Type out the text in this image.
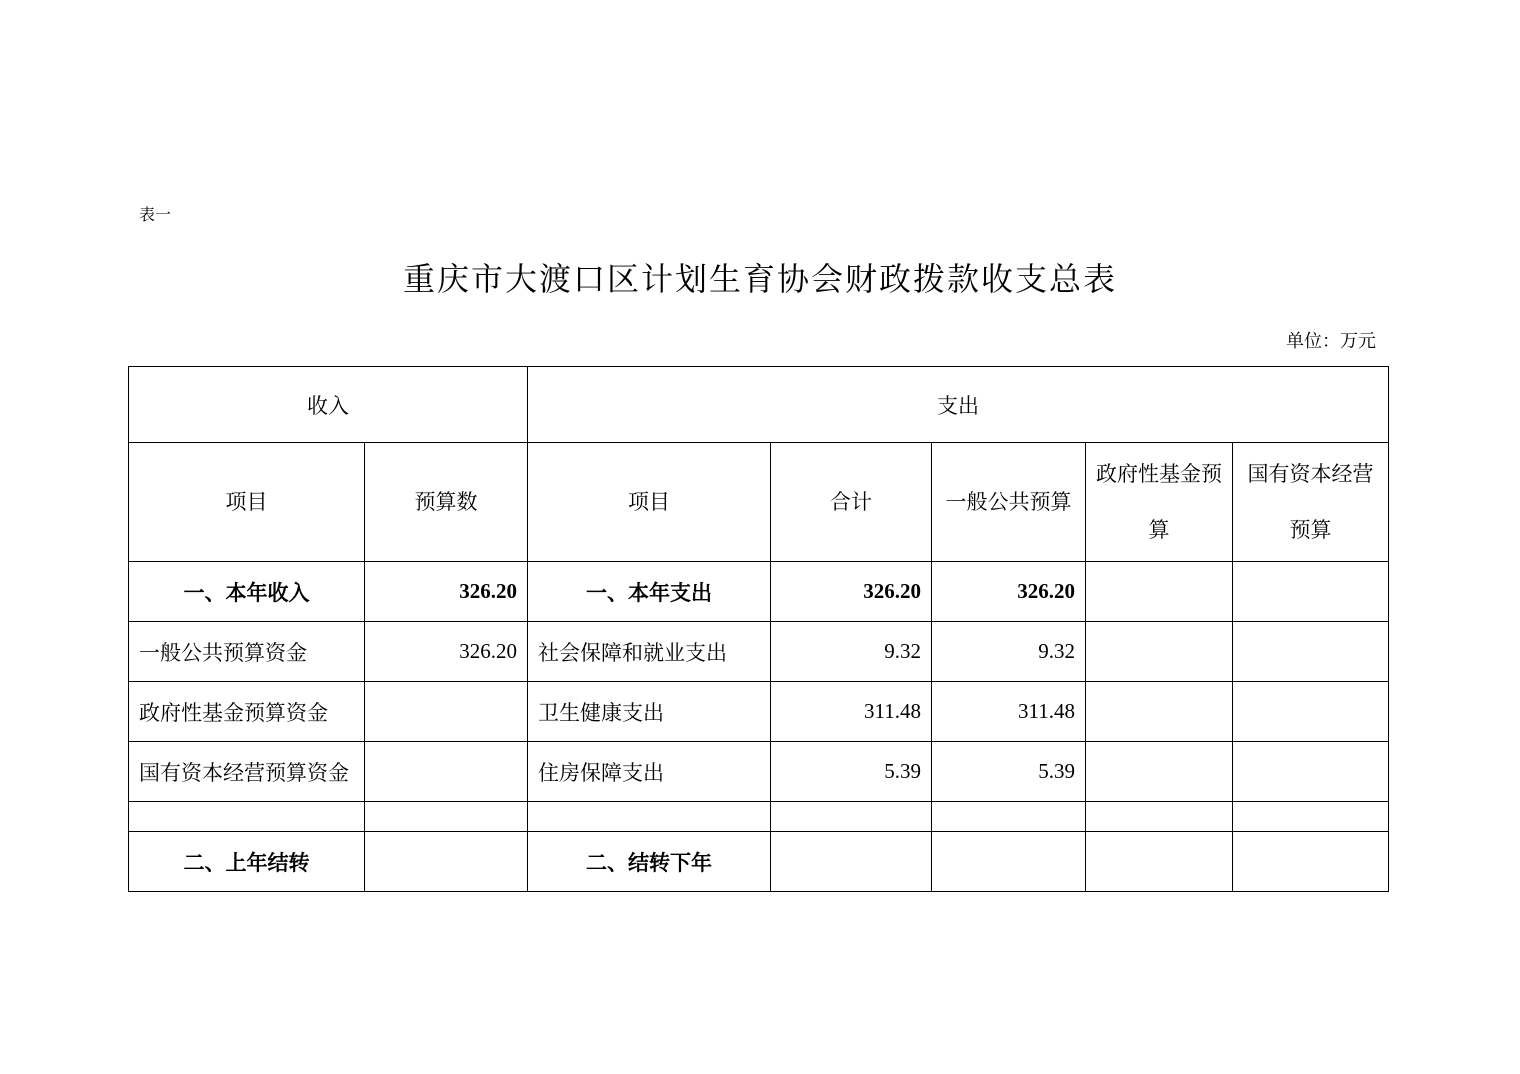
表一
重庆市大渡口区计划生育协会财政拨款收支总表
单位：万元
收入		支出				
项目	预算数	项目	合计	一般公共预算	政府性基金预算	国有资本经营预算
一、本年收入	326.20	一、本年支出	326.20	326.20		
一般公共预算资金	326.20	社会保障和就业支出	9.32	9.32		
政府性基金预算资金		卫生健康支出	311.48	311.48		
国有资本经营预算资金		住房保障支出	5.39	5.39		

二、上年结转		二、结转下年				
